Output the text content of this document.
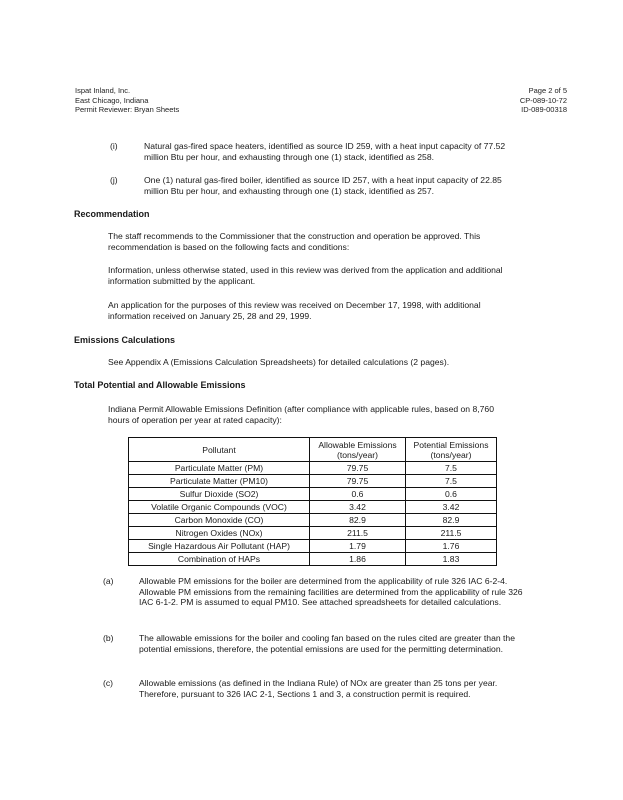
Ispat Inland, Inc.
East Chicago, Indiana
Permit Reviewer: Bryan Sheets
Page 2 of 5
CP-089-10-72
ID-089-00318
(i)	Natural gas-fired space heaters, identified as source ID 259, with a heat input capacity of 77.52 million Btu per hour, and exhausting through one (1) stack, identified as 258.
(j)	One (1) natural gas-fired boiler, identified as source ID 257, with a heat input capacity of 22.85 million Btu per hour, and exhausting through one (1) stack, identified as 257.
Recommendation
The staff recommends to the Commissioner that the construction and operation be approved. This recommendation is based on the following facts and conditions:
Information, unless otherwise stated, used in this review was derived from the application and additional information submitted by the applicant.
An application for the purposes of this review was received on December 17, 1998, with additional information received on January 25, 28 and 29, 1999.
Emissions Calculations
See Appendix A (Emissions Calculation Spreadsheets) for detailed calculations (2 pages).
Total Potential and Allowable Emissions
Indiana Permit Allowable Emissions Definition (after compliance with applicable rules, based on 8,760 hours of operation per year at rated capacity):
Pollutant	Allowable Emissions (tons/year)	Potential Emissions (tons/year)
Particulate Matter (PM)	79.75	7.5
Particulate Matter (PM10)	79.75	7.5
Sulfur Dioxide (SO2)	0.6	0.6
Volatile Organic Compounds (VOC)	3.42	3.42
Carbon Monoxide (CO)	82.9	82.9
Nitrogen Oxides (NOx)	211.5	211.5
Single Hazardous Air Pollutant (HAP)	1.79	1.76
Combination of HAPs	1.86	1.83
(a)	Allowable PM emissions for the boiler are determined from the applicability of rule 326 IAC 6-2-4. Allowable PM emissions from the remaining facilities are determined from the applicability of rule 326 IAC 6-1-2. PM is assumed to equal PM10. See attached spreadsheets for detailed calculations.
(b)	The allowable emissions for the boiler and cooling fan based on the rules cited are greater than the potential emissions, therefore, the potential emissions are used for the permitting determination.
(c)	Allowable emissions (as defined in the Indiana Rule) of NOx are greater than 25 tons per year. Therefore, pursuant to 326 IAC 2-1, Sections 1 and 3, a construction permit is required.
